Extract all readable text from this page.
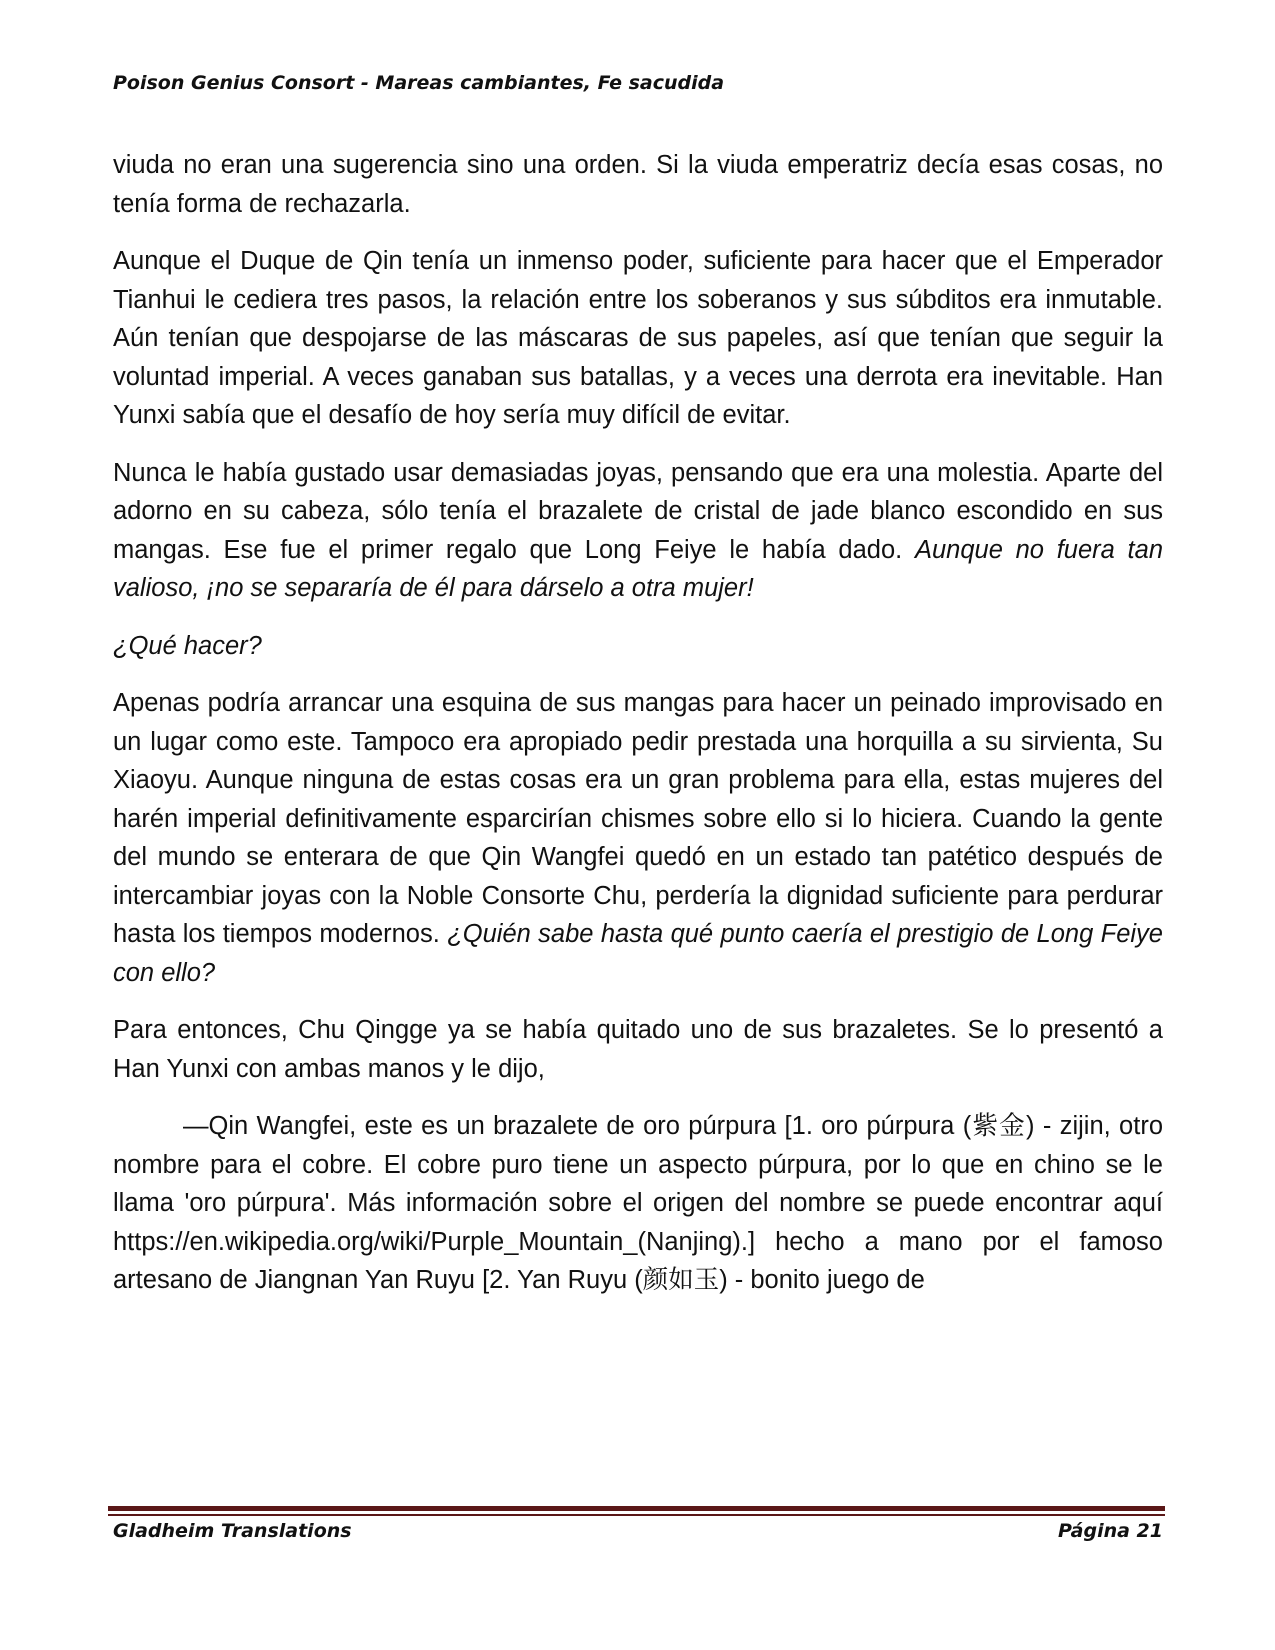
Poison Genius Consort - Mareas cambiantes, Fe sacudida

viuda no eran una sugerencia sino una orden. Si la viuda emperatriz decía esas cosas, no tenía forma de rechazarla.

Aunque el Duque de Qin tenía un inmenso poder, suficiente para hacer que el Emperador Tianhui le cediera tres pasos, la relación entre los soberanos y sus súbditos era inmutable. Aún tenían que despojarse de las máscaras de sus papeles, así que tenían que seguir la voluntad imperial. A veces ganaban sus batallas, y a veces una derrota era inevitable. Han Yunxi sabía que el desafío de hoy sería muy difícil de evitar.

Nunca le había gustado usar demasiadas joyas, pensando que era una molestia. Aparte del adorno en su cabeza, sólo tenía el brazalete de cristal de jade blanco escondido en sus mangas. Ese fue el primer regalo que Long Feiye le había dado. Aunque no fuera tan valioso, ¡no se separaría de él para dárselo a otra mujer!

¿Qué hacer?

Apenas podría arrancar una esquina de sus mangas para hacer un peinado improvisado en un lugar como este. Tampoco era apropiado pedir prestada una horquilla a su sirvienta, Su Xiaoyu. Aunque ninguna de estas cosas era un gran problema para ella, estas mujeres del harén imperial definitivamente esparcirían chismes sobre ello si lo hiciera. Cuando la gente del mundo se enterara de que Qin Wangfei quedó en un estado tan patético después de intercambiar joyas con la Noble Consorte Chu, perdería la dignidad suficiente para perdurar hasta los tiempos modernos. ¿Quién sabe hasta qué punto caería el prestigio de Long Feiye con ello?

Para entonces, Chu Qingge ya se había quitado uno de sus brazaletes. Se lo presentó a Han Yunxi con ambas manos y le dijo,

—Qin Wangfei, este es un brazalete de oro púrpura [1. oro púrpura (紫金) - zijin, otro nombre para el cobre. El cobre puro tiene un aspecto púrpura, por lo que en chino se le llama 'oro púrpura'. Más información sobre el origen del nombre se puede encontrar aquí https://en.wikipedia.org/wiki/Purple_Mountain_(Nanjing).] hecho a mano por el famoso artesano de Jiangnan Yan Ruyu [2. Yan Ruyu (颜如玉) - bonito juego de

Gladheim Translations	Página 21
